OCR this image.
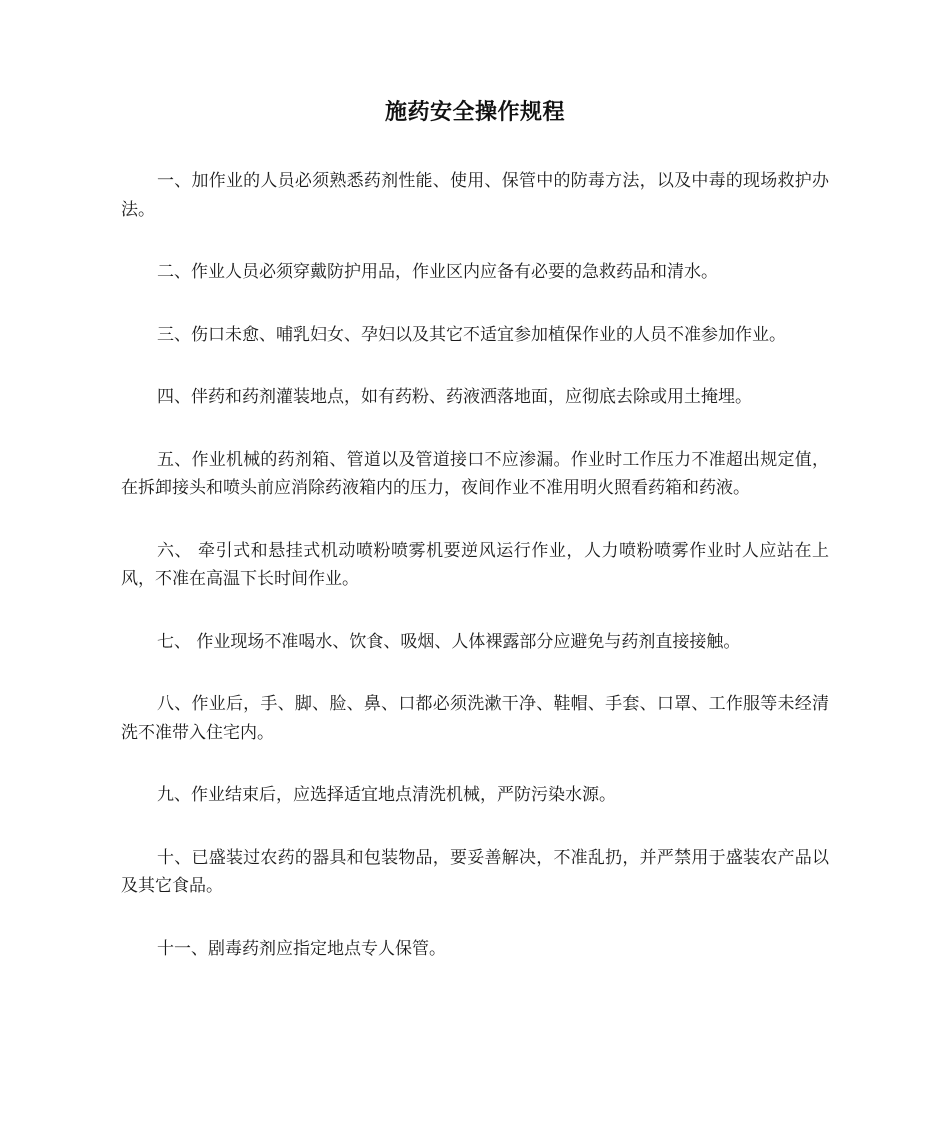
施药安全操作规程

一、加作业的人员必须熟悉药剂性能、使用、保管中的防毒方法，以及中毒的现场救护办法。

二、作业人员必须穿戴防护用品，作业区内应备有必要的急救药品和清水。

三、伤口未愈、哺乳妇女、孕妇以及其它不适宜参加植保作业的人员不准参加作业。

四、伴药和药剂灌装地点，如有药粉、药液洒落地面，应彻底去除或用土掩埋。

五、作业机械的药剂箱、管道以及管道接口不应渗漏。作业时工作压力不准超出规定值，在拆卸接头和喷头前应消除药液箱内的压力，夜间作业不准用明火照看药箱和药液。

六、 牵引式和悬挂式机动喷粉喷雾机要逆风运行作业，人力喷粉喷雾作业时人应站在上风，不准在高温下长时间作业。

七、 作业现场不准喝水、饮食、吸烟、人体裸露部分应避免与药剂直接接触。

八、作业后，手、脚、脸、鼻、口都必须洗漱干净、鞋帽、手套、口罩、工作服等未经清洗不准带入住宅内。

九、作业结束后，应选择适宜地点清洗机械，严防污染水源。

十、已盛装过农药的器具和包装物品，要妥善解决，不准乱扔，并严禁用于盛装农产品以及其它食品。

十一、剧毒药剂应指定地点专人保管。
